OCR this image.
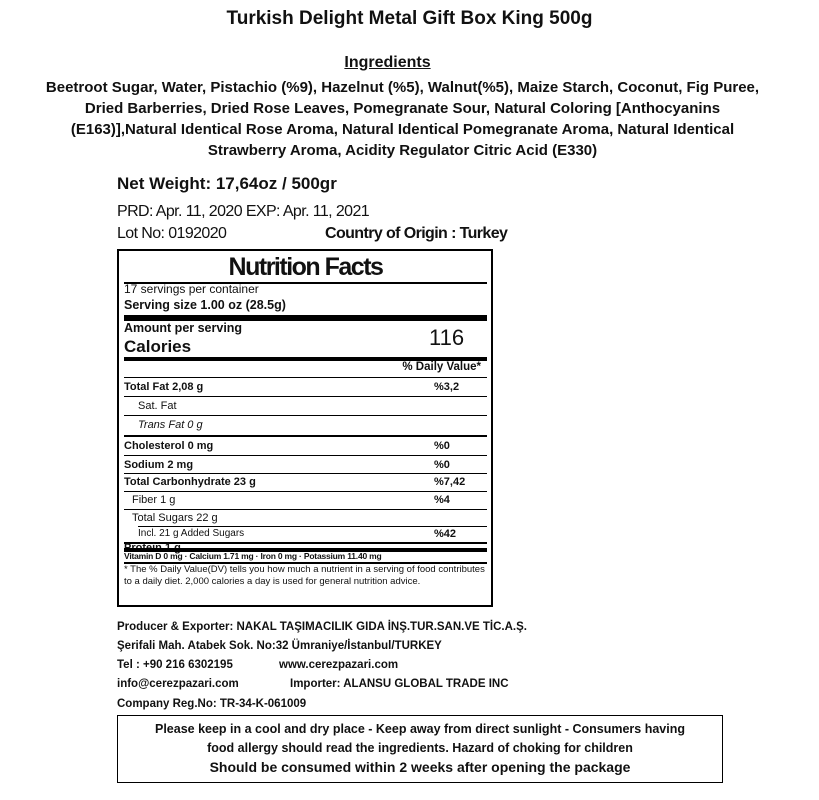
Turkish Delight Metal Gift Box King 500g
Ingredients
Beetroot Sugar, Water, Pistachio (%9), Hazelnut (%5), Walnut(%5), Maize Starch, Coconut, Fig Puree, Dried Barberries, Dried Rose Leaves, Pomegranate Sour, Natural Coloring [Anthocyanins (E163)],Natural Identical Rose Aroma, Natural Identical Pomegranate Aroma, Natural Identical Strawberry Aroma, Acidity Regulator Citric Acid (E330)
Net Weight: 17,64oz / 500gr
PRD: Apr. 11, 2020 EXP: Apr. 11, 2021
Lot No: 0192020	Country of Origin : Turkey
Nutrition Facts
17 servings per container
Serving size 1.00 oz (28.5g)
Amount per serving
Calories	116
% Daily Value*
Total Fat 2,08 g	%3,2
Sat. Fat
Trans Fat 0 g
Cholesterol 0 mg	%0
Sodium 2 mg	%0
Total Carbonhydrate 23 g	%7,42
Fiber 1 g	%4
Total Sugars 22 g
Incl. 21 g Added Sugars	%42
Vitamin D 0 mg · Calcium 1.71 mg · Iron 0 mg · Potassium 11.40 mg
* The % Daily Value(DV) tells you how much a nutrient in a serving of food contributes to a daily diet. 2,000 calories a day is used for general nutrition advice.
Producer & Exporter: NAKAL TAŞIMACILIK GIDA İNŞ.TUR.SAN.VE TİC.A.Ş.
Şerifali Mah. Atabek Sok. No:32 Ümraniye/İstanbul/TURKEY
Tel : +90 216 6302195	www.cerezpazari.com
info@cerezpazari.com	Importer: ALANSU GLOBAL TRADE INC
Company Reg.No: TR-34-K-061009
Please keep in a cool and dry place - Keep away from direct sunlight - Consumers having
food allergy should read the ingredients. Hazard of choking for children
Should be consumed within 2 weeks after opening the package
